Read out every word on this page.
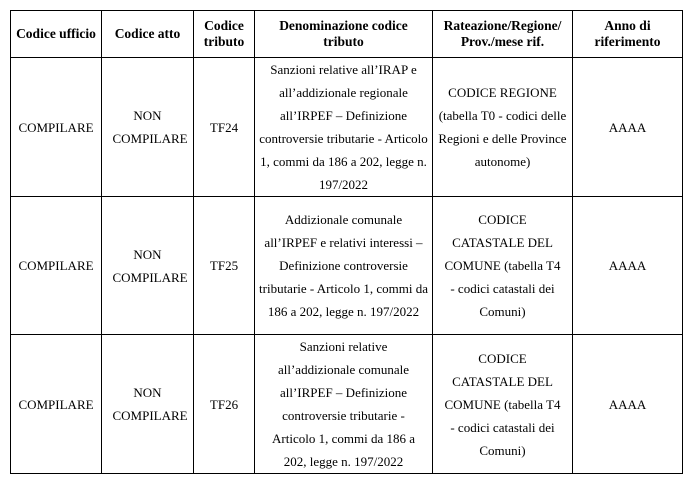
Codice ufficio	Codice atto	Codice tributo	Denominazione codice tributo	Rateazione/Regione/ Prov./mese rif.	Anno di riferimento
COMPILARE	NON COMPILARE	TF24	Sanzioni relative all’IRAP e all’addizionale regionale all’IRPEF – Definizione controversie tributarie - Articolo 1, commi da 186 a 202, legge n. 197/2022	CODICE REGIONE (tabella T0 - codici delle Regioni e delle Province autonome)	AAAA
COMPILARE	NON COMPILARE	TF25	Addizionale comunale all’IRPEF e relativi interessi – Definizione controversie tributarie - Articolo 1, commi da 186 a 202, legge n. 197/2022	CODICE CATASTALE DEL COMUNE (tabella T4 - codici catastali dei Comuni)	AAAA
COMPILARE	NON COMPILARE	TF26	Sanzioni relative all’addizionale comunale all’IRPEF – Definizione controversie tributarie - Articolo 1, commi da 186 a 202, legge n. 197/2022	CODICE CATASTALE DEL COMUNE (tabella T4 - codici catastali dei Comuni)	AAAA
